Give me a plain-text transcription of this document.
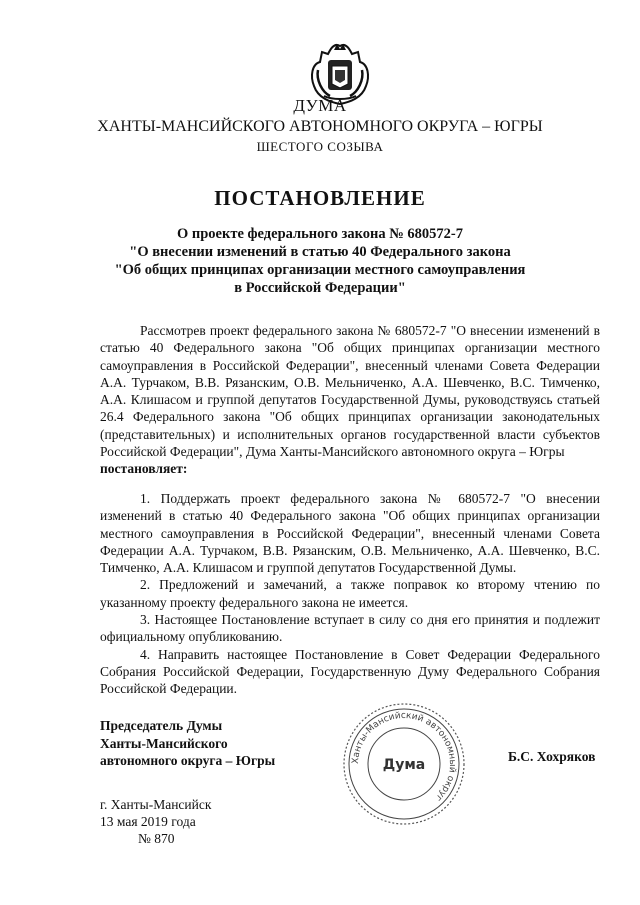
ДУМА
ХАНТЫ-МАНСИЙСКОГО АВТОНОМНОГО ОКРУГА – ЮГРЫ
ШЕСТОГО СОЗЫВА
ПОСТАНОВЛЕНИЕ
О проекте федерального закона № 680572-7
"О внесении изменений в статью 40 Федерального закона
"Об общих принципах организации местного самоуправления
в Российской Федерации"

Рассмотрев проект федерального закона № 680572-7 "О внесении изменений в статью 40 Федерального закона "Об общих принципах организации местного самоуправления в Российской Федерации", внесенный членами Совета Федерации А.А. Турчаком, В.В. Рязанским, О.В. Мельниченко, А.А. Шевченко, В.С. Тимченко, А.А. Клишасом и группой депутатов Государственной Думы, руководствуясь статьей 26.4 Федерального закона "Об общих принципах организации законодательных (представительных) и исполнительных органов государственной власти субъектов Российской Федерации", Дума Ханты-Мансийского автономного округа – Югры
постановляет:

1. Поддержать проект федерального закона № 680572-7 "О внесении изменений в статью 40 Федерального закона "Об общих принципах организации местного самоуправления в Российской Федерации", внесенный членами Совета Федерации А.А. Турчаком, В.В. Рязанским, О.В. Мельниченко, А.А. Шевченко, В.С. Тимченко, А.А. Клишасом и группой депутатов Государственной Думы.

2. Предложений и замечаний, а также поправок ко второму чтению по указанному проекту федерального закона не имеется.

3. Настоящее Постановление вступает в силу со дня его принятия и подлежит официальному опубликованию.

4. Направить настоящее Постановление в Совет Федерации Федерального Собрания Российской Федерации, Государственную Думу Федерального Собрания Российской Федерации.

Председатель Думы
Ханты-Мансийского
автономного округа – Югры	Ханты-Мансийский автономный округ
Дума
Б.С. Хохряков
г. Ханты-Мансийск
13 мая 2019 года
№ 870
